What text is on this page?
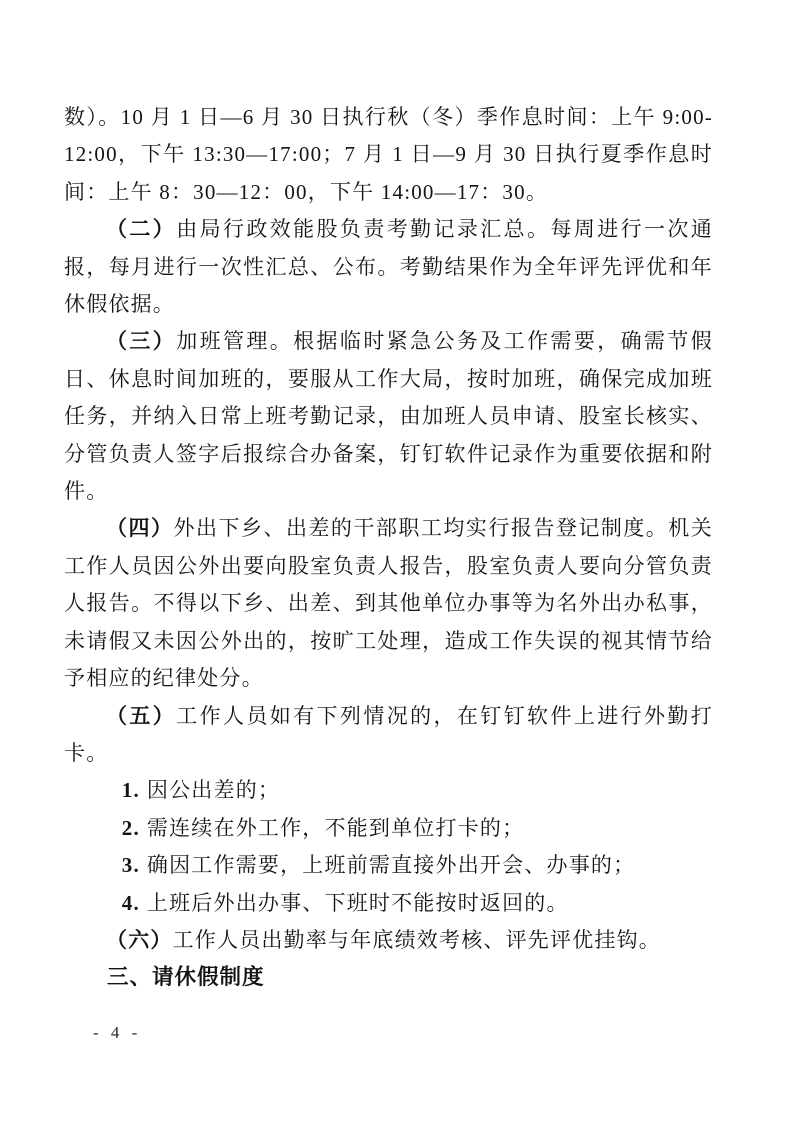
数）。10 月 1 日—6 月 30 日执行秋（冬）季作息时间：上午 9:00-12:00，下午 13:30—17:00；7 月 1 日—9 月 30 日执行夏季作息时间：上午 8：30—12：00，下午 14:00—17：30。

（二）由局行政效能股负责考勤记录汇总。每周进行一次通报，每月进行一次性汇总、公布。考勤结果作为全年评先评优和年休假依据。

（三）加班管理。根据临时紧急公务及工作需要，确需节假日、休息时间加班的，要服从工作大局，按时加班，确保完成加班任务，并纳入日常上班考勤记录，由加班人员申请、股室长核实、分管负责人签字后报综合办备案，钉钉软件记录作为重要依据和附件。

（四）外出下乡、出差的干部职工均实行报告登记制度。机关工作人员因公外出要向股室负责人报告，股室负责人要向分管负责人报告。不得以下乡、出差、到其他单位办事等为名外出办私事，未请假又未因公外出的，按旷工处理，造成工作失误的视其情节给予相应的纪律处分。

（五）工作人员如有下列情况的，在钉钉软件上进行外勤打卡。

1. 因公出差的；

2. 需连续在外工作，不能到单位打卡的；

3. 确因工作需要，上班前需直接外出开会、办事的；

4. 上班后外出办事、下班时不能按时返回的。

（六）工作人员出勤率与年底绩效考核、评先评优挂钩。

三、请休假制度

- 4 -
